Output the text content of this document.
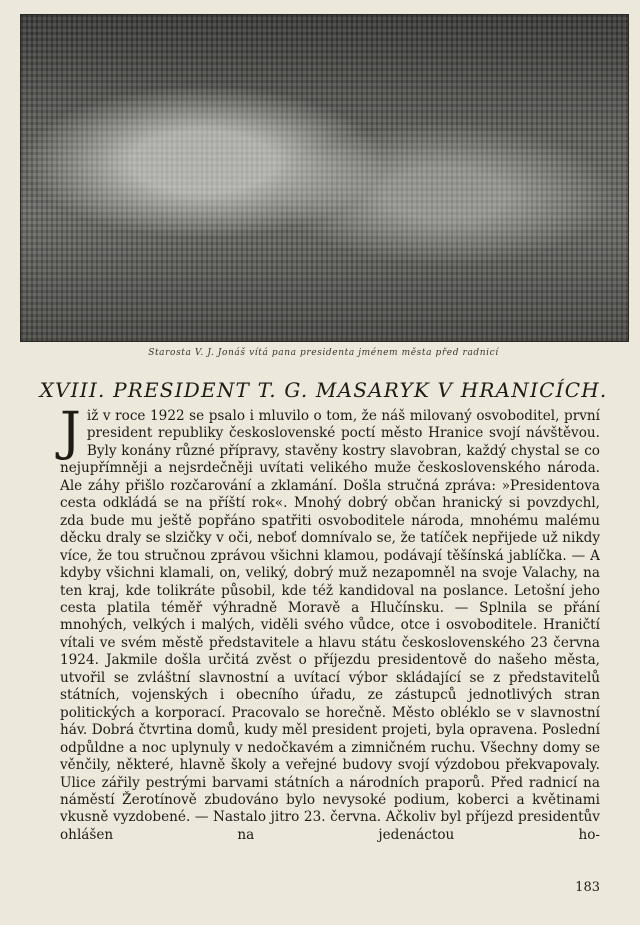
Starosta V. J. Jonáš vítá pana presidenta jménem města před radnicí
XVIII. PRESIDENT T. G. MASARYK V HRANICÍCH.
J iž v roce 1922 se psalo i mluvilo o tom, že náš milovaný osvoboditel, první president republiky československé poctí město Hranice svojí návštěvou. Byly konány různé přípravy, stavěny kostry slavobran, každý chystal se co nejupřímněji a nejsrdečněji uvítati velikého muže československého národa. Ale záhy přišlo rozčarování a zklamání. Došla stručná zpráva: »Presidentova cesta odkládá se na příští rok«. Mnohý dobrý občan hranický si povzdychl, zda bude mu ještě popřáno spatřiti osvoboditele národa, mnohému malému děcku draly se slzičky v oči, neboť domnívalo se, že tatíček nepřijede už nikdy více, že tou stručnou zprávou všichni klamou, podávají těšínská jablíčka. — A kdyby všichni klamali, on, veliký, dobrý muž nezapomněl na svoje Valachy, na ten kraj, kde tolikráte působil, kde též kandidoval na poslance. Letošní jeho cesta platila téměř výhradně Moravě a Hlučínsku. — Splnila se přání mnohých, velkých i malých, viděli svého vůdce, otce i osvoboditele. Hraničtí vítali ve svém městě představitele a hlavu státu československého 23 června 1924. Jakmile došla určitá zvěst o příjezdu presidentově do našeho města, utvořil se zvláštní slavnostní a uvítací výbor skládající se z představitelů státních, vojenských i obecního úřadu, ze zástupců jednotlivých stran politických a korporací. Pracovalo se horečně. Město obléklo se v slavnostní háv. Dobrá čtvrtina domů, kudy měl president projeti, byla opravena. Poslední odpůldne a noc uplynuly v nedočkavém a zimničném ruchu. Všechny domy se věnčily, některé, hlavně školy a veřejné budovy svojí výzdobou překvapovaly. Ulice zářily pestrými barvami státních a národních praporů. Před radnicí na náměstí Žerotínově zbudováno bylo nevysoké podium, koberci a květinami vkusně vyzdobené. — Nastalo jitro 23. června. Ačkoliv byl příjezd presidentův ohlášen na jedenáctou ho-

183
